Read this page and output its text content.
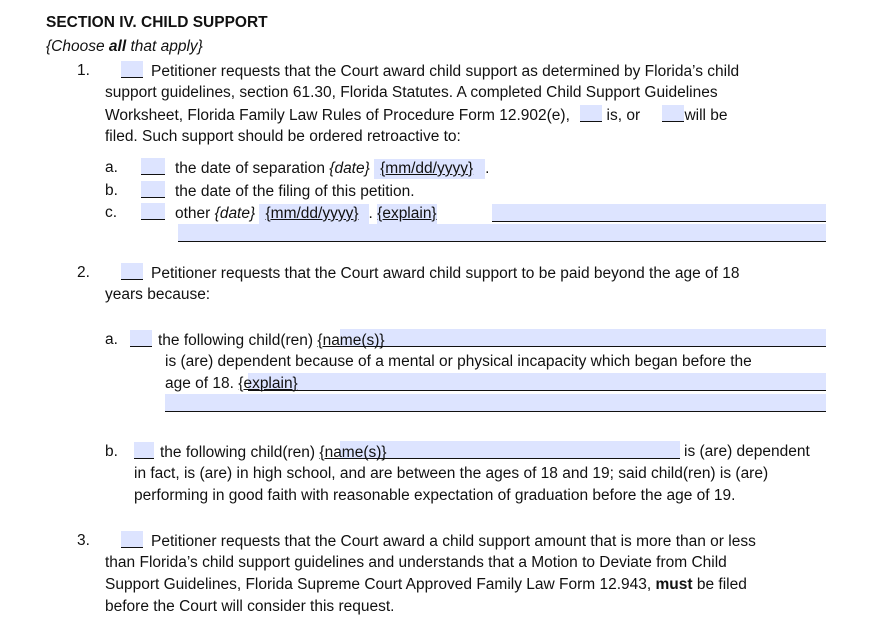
SECTION IV. CHILD SUPPORT
{Choose all that apply}
1.	Petitioner requests that the Court award child support as determined by Florida’s child
support guidelines, section 61.30, Florida Statutes. A completed Child Support Guidelines
Worksheet, Florida Family Law Rules of Procedure Form 12.902(e), is, or	will be
filed. Such support should be ordered retroactive to:
a.	the date of separation {date} {mm/dd/yyyy} .
b.	the date of the filing of this petition.
c.	other {date} {mm/dd/yyyy} . {explain}
2.	Petitioner requests that the Court award child support to be paid beyond the age of 18
years because:
a.	the following child(ren) {name(s)}
is (are) dependent because of a mental or physical incapacity which began before the
age of 18. {explain}
b.	the following child(ren) {name(s)}	is (are) dependent
in fact, is (are) in high school, and are between the ages of 18 and 19; said child(ren) is (are)
performing in good faith with reasonable expectation of graduation before the age of 19.
3.	Petitioner requests that the Court award a child support amount that is more than or less
than Florida’s child support guidelines and understands that a Motion to Deviate from Child
Support Guidelines, Florida Supreme Court Approved Family Law Form 12.943, must be filed
before the Court will consider this request.
